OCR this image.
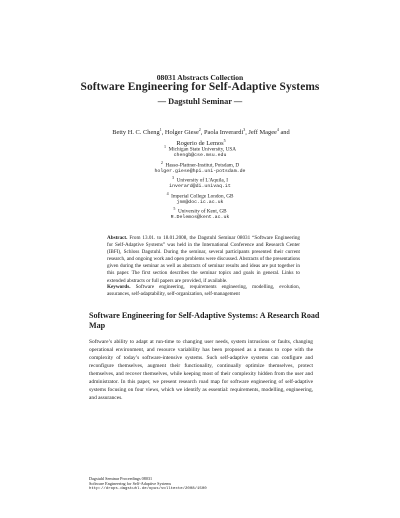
08031 Abstracts Collection
Software Engineering for Self-Adaptive Systems
— Dagstuhl Seminar —
Betty H. C. Cheng$^1$, Holger Giese$^2$, Paola Inverardi$^3$, Jeff Magee$^4$ and Rogerio de Lemos$^5$
$^1$  Michigan State University, USA
chengb@cse.msu.edu
$^2$  Hasso-Plattner-Institut, Potsdam, D
holger.giese@hpi.uni-potsdam.de
$^3$  University of L'Aquila, I
inverard@di.univaq.it
$^4$  Imperial College London, GB
jnm@doc.ic.ac.uk
$^5$  University of Kent, GB
R.Delemos@kent.ac.uk
Abstract. From 13.01. to 18.01.2008, the Dagstuhl Seminar 08031 “Software Engineering for Self-Adaptive Systems” was held in the International Conference and Research Center (IBFI), Schloss Dagstuhl. During the seminar, several participants presented their current research, and ongoing work and open problems were discussed. Abstracts of the presentations given during the seminar as well as abstracts of seminar results and ideas are put together in this paper. The first section describes the seminar topics and goals in general. Links to extended abstracts or full papers are provided, if available.
Keywords. Software engineering, requirements engineering, modelling, evolution, assurances, self-adaptability, self-organization, self-management
Software Engineering for Self-Adaptive Systems: A Research Road Map
Software’s ability to adapt at run-time to changing user needs, system intrusions or faults, changing operational environment, and resource variability has been proposed as a means to cope with the complexity of today’s software-intensive systems. Such self-adaptive systems can configure and reconfigure themselves, augment their functionality, continually optimize themselves, protect themselves, and recover themselves, while keeping most of their complexity hidden from the user and administrator. In this paper, we present research road map for software engineering of self-adaptive systems focusing on four views, which we identify as essential: requirements, modelling, engineering, and assurances.
Dagstuhl Seminar Proceedings 08031
Software Engineering for Self-Adaptive Systems
http://drops.dagstuhl.de/opus/volltexte/2008/1500
